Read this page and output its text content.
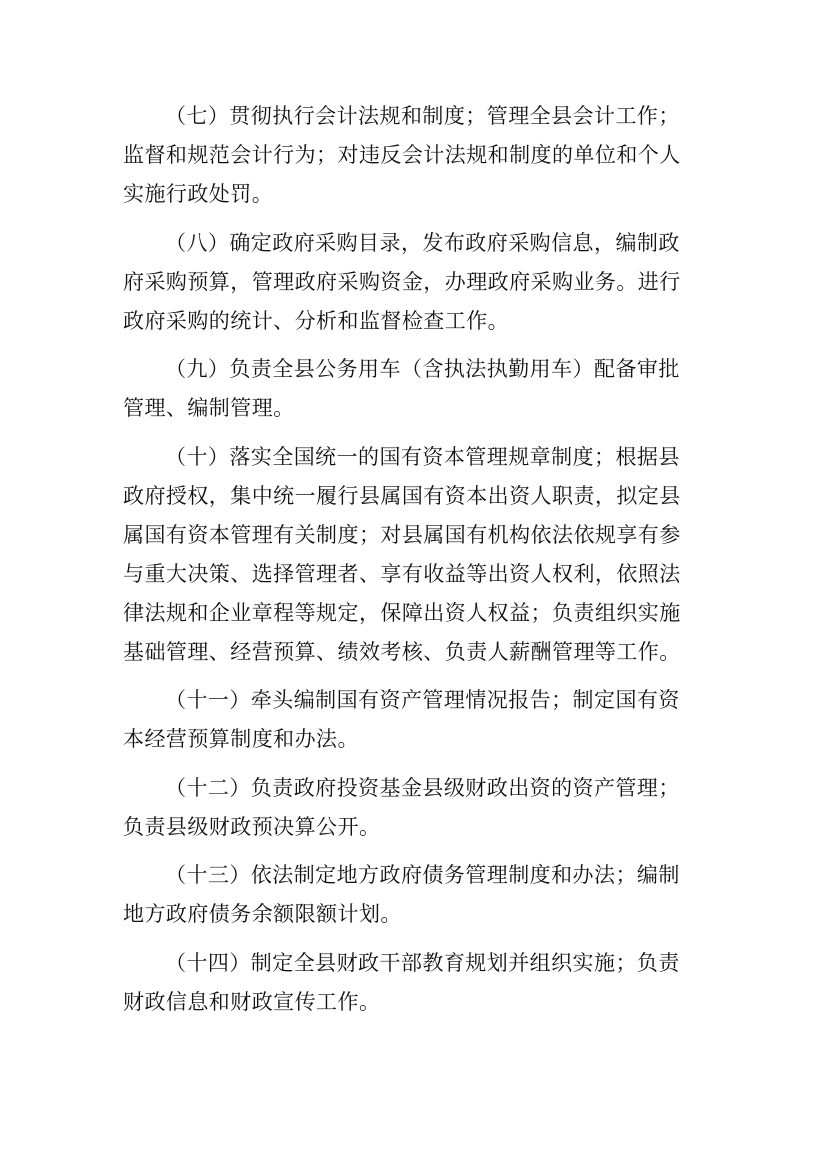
（七）贯彻执行会计法规和制度；管理全县会计工作；
监督和规范会计行为；对违反会计法规和制度的单位和个人
实施行政处罚。

（八）确定政府采购目录，发布政府采购信息，编制政
府采购预算，管理政府采购资金，办理政府采购业务。进行
政府采购的统计、分析和监督检查工作。

（九）负责全县公务用车（含执法执勤用车）配备审批
管理、编制管理。

（十）落实全国统一的国有资本管理规章制度；根据县
政府授权，集中统一履行县属国有资本出资人职责，拟定县
属国有资本管理有关制度；对县属国有机构依法依规享有参
与重大决策、选择管理者、享有收益等出资人权利，依照法
律法规和企业章程等规定，保障出资人权益；负责组织实施
基础管理、经营预算、绩效考核、负责人薪酬管理等工作。

（十一）牵头编制国有资产管理情况报告；制定国有资
本经营预算制度和办法。

（十二）负责政府投资基金县级财政出资的资产管理；
负责县级财政预决算公开。

（十三）依法制定地方政府债务管理制度和办法；编制
地方政府债务余额限额计划。

（十四）制定全县财政干部教育规划并组织实施；负责
财政信息和财政宣传工作。
